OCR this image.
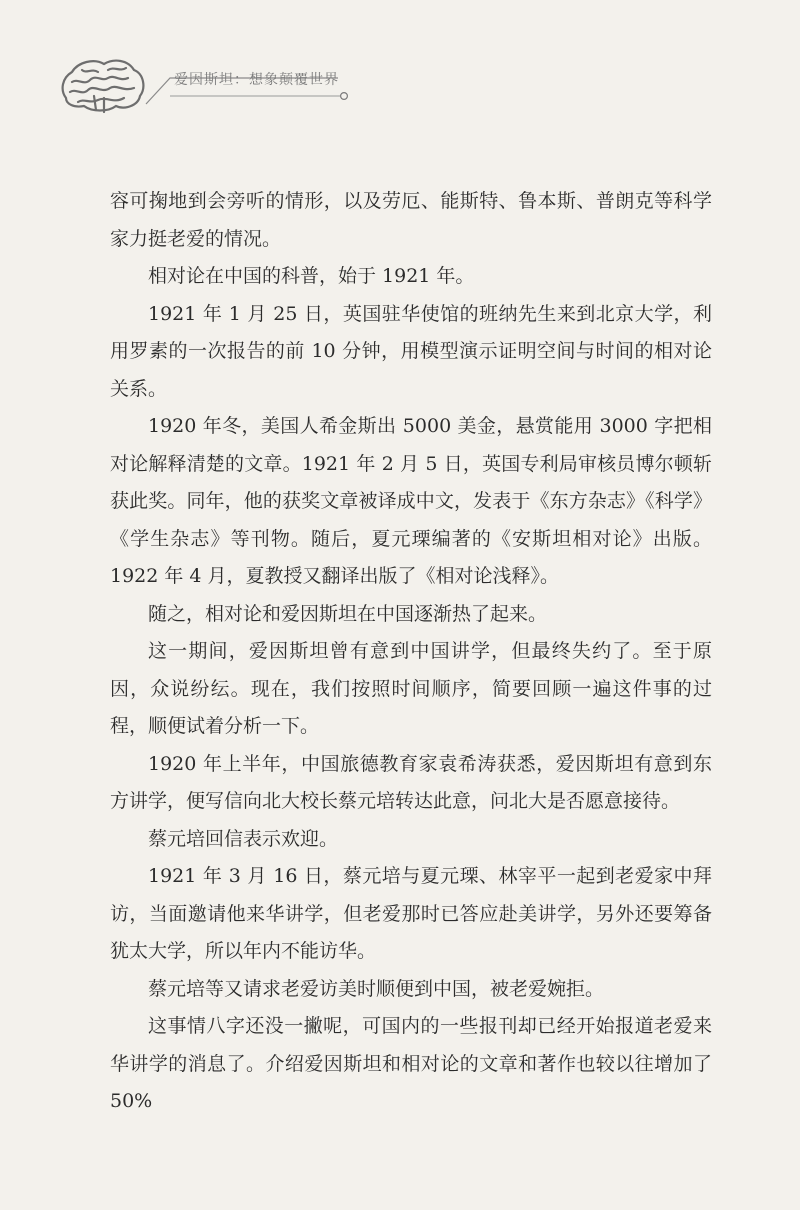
爱因斯坦：想象颠覆世界

容可掬地到会旁听的情形，以及劳厄、能斯特、鲁本斯、普朗克等科学家力挺老爱的情况。

相对论在中国的科普，始于 1921 年。

1921 年 1 月 25 日，英国驻华使馆的班纳先生来到北京大学，利用罗素的一次报告的前 10 分钟，用模型演示证明空间与时间的相对论关系。

1920 年冬，美国人希金斯出 5000 美金，悬赏能用 3000 字把相对论解释清楚的文章。1921 年 2 月 5 日，英国专利局审核员博尔顿斩获此奖。同年，他的获奖文章被译成中文，发表于《东方杂志》《科学》《学生杂志》等刊物。随后，夏元瑮编著的《安斯坦相对论》出版。1922 年 4 月，夏教授又翻译出版了《相对论浅释》。

随之，相对论和爱因斯坦在中国逐渐热了起来。

这一期间，爱因斯坦曾有意到中国讲学，但最终失约了。至于原因，众说纷纭。现在，我们按照时间顺序，简要回顾一遍这件事的过程，顺便试着分析一下。

1920 年上半年，中国旅德教育家袁希涛获悉，爱因斯坦有意到东方讲学，便写信向北大校长蔡元培转达此意，问北大是否愿意接待。

蔡元培回信表示欢迎。

1921 年 3 月 16 日，蔡元培与夏元瑮、林宰平一起到老爱家中拜访，当面邀请他来华讲学，但老爱那时已答应赴美讲学，另外还要筹备犹太大学，所以年内不能访华。

蔡元培等又请求老爱访美时顺便到中国，被老爱婉拒。

这事情八字还没一撇呢，可国内的一些报刊却已经开始报道老爱来华讲学的消息了。介绍爱因斯坦和相对论的文章和著作也较以往增加了 50%
